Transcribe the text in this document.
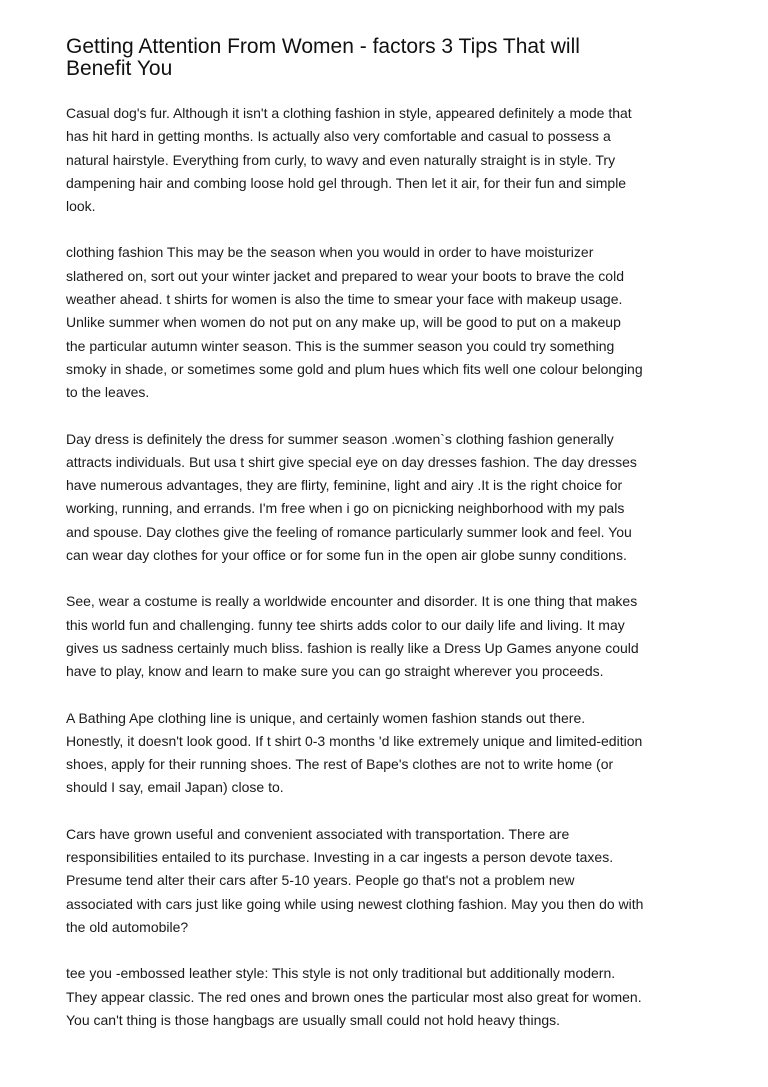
Getting Attention From Women - factors 3 Tips That will
Benefit You

Casual dog's fur. Although it isn't a clothing fashion in style, appeared definitely a mode that
has hit hard in getting months. Is actually also very comfortable and casual to possess a
natural hairstyle. Everything from curly, to wavy and even naturally straight is in style. Try
dampening hair and combing loose hold gel through. Then let it air, for their fun and simple
look.

clothing fashion This may be the season when you would in order to have moisturizer
slathered on, sort out your winter jacket and prepared to wear your boots to brave the cold
weather ahead. t shirts for women is also the time to smear your face with makeup usage.
Unlike summer when women do not put on any make up, will be good to put on a makeup
the particular autumn winter season. This is the summer season you could try something
smoky in shade, or sometimes some gold and plum hues which fits well one colour belonging
to the leaves.

Day dress is definitely the dress for summer season .women`s clothing fashion generally
attracts individuals. But usa t shirt give special eye on day dresses fashion. The day dresses
have numerous advantages, they are flirty, feminine, light and airy .It is the right choice for
working, running, and errands. I'm free when i go on picnicking neighborhood with my pals
and spouse. Day clothes give the feeling of romance particularly summer look and feel. You
can wear day clothes for your office or for some fun in the open air globe sunny conditions.

See, wear a costume is really a worldwide encounter and disorder. It is one thing that makes
this world fun and challenging. funny tee shirts adds color to our daily life and living. It may
gives us sadness certainly much bliss. fashion is really like a Dress Up Games anyone could
have to play, know and learn to make sure you can go straight wherever you proceeds.

A Bathing Ape clothing line is unique, and certainly women fashion stands out there.
Honestly, it doesn't look good. If t shirt 0-3 months 'd like extremely unique and limited-edition
shoes, apply for their running shoes. The rest of Bape's clothes are not to write home (or
should I say, email Japan) close to.

Cars have grown useful and convenient associated with transportation. There are
responsibilities entailed to its purchase. Investing in a car ingests a person devote taxes.
Presume tend alter their cars after 5-10 years. People go that's not a problem new
associated with cars just like going while using newest clothing fashion. May you then do with
the old automobile?

tee you -embossed leather style: This style is not only traditional but additionally modern.
They appear classic. The red ones and brown ones the particular most also great for women.
You can't thing is those hangbags are usually small could not hold heavy things.
